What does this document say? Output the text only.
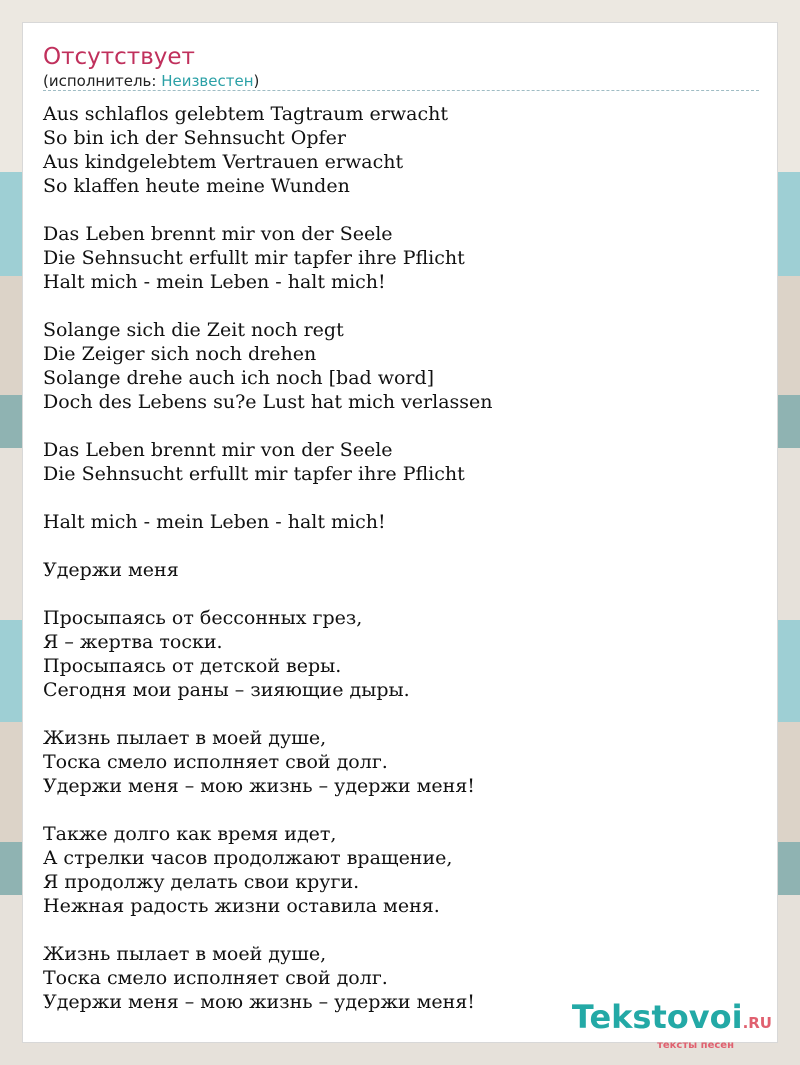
Отсутствует
(исполнитель: Неизвестен)
Aus schlaflos gelebtem Tagtraum erwacht
So bin ich der Sehnsucht Opfer
Aus kindgelebtem Vertrauen erwacht
So klaffen heute meine Wunden
Das Leben brennt mir von der Seele
Die Sehnsucht erfullt mir tapfer ihre Pflicht
Halt mich - mein Leben - halt mich!
Solange sich die Zeit noch regt
Die Zeiger sich noch drehen
Solange drehe auch ich noch [bad word]
Doch des Lebens su?e Lust hat mich verlassen
Das Leben brennt mir von der Seele
Die Sehnsucht erfullt mir tapfer ihre Pflicht
Halt mich - mein Leben - halt mich!
Удержи меня
Просыпаясь от бессонных грез,
Я – жертва тоски.
Просыпаясь от детской веры.
Сегодня мои раны – зияющие дыры.
Жизнь пылает в моей душе,
Тоска смело исполняет свой долг.
Удержи меня – мою жизнь – удержи меня!
Также долго как время идет,
А стрелки часов продолжают вращение,
Я продолжу делать свои круги.
Нежная радость жизни оставила меня.
Жизнь пылает в моей душе,
Тоска смело исполняет свой долг.
Удержи меня – мою жизнь – удержи меня!	Tekstovoi.RU
тексты песен
